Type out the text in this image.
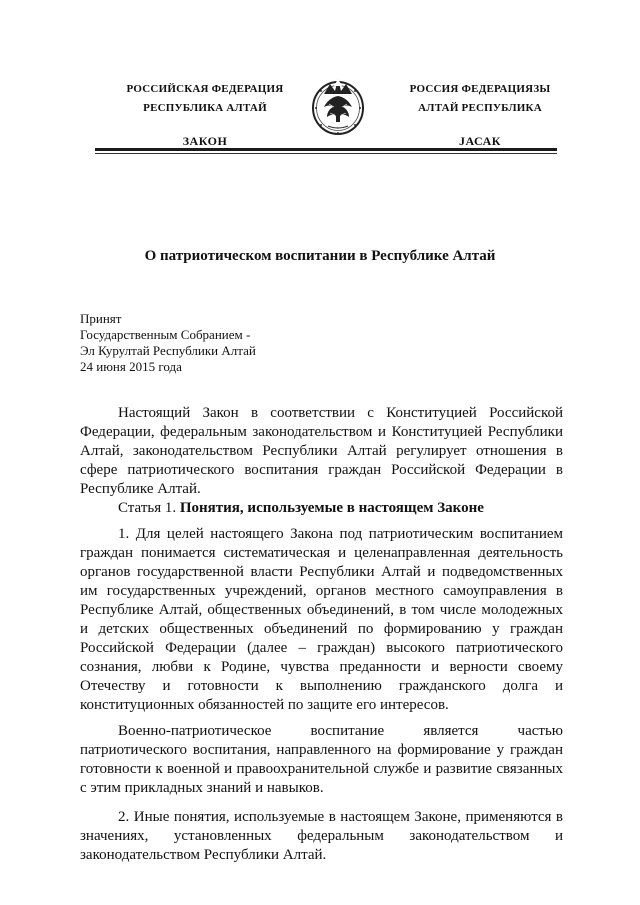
РОССИЙСКАЯ ФЕДЕРАЦИЯ
РЕСПУБЛИКА АЛТАЙ
ЗАКОН
РОССИЯ ФЕДЕРАЦИЯЗЫ
АЛТАЙ РЕСПУБЛИКА
JАСАК
О патриотическом воспитании в Республике Алтай
Принят
Государственным Собранием -
Эл Курултай Республики Алтай
24 июня 2015 года

Настоящий Закон в соответствии с Конституцией Российской Федерации, федеральным законодательством и Конституцией Республики Алтай, законодательством Республики Алтай регулирует отношения в сфере патриотического воспитания граждан Российской Федерации в Республике Алтай.

Статья 1. Понятия, используемые в настоящем Законе

1. Для целей настоящего Закона под патриотическим воспитанием граждан понимается систематическая и целенаправленная деятельность органов государственной власти Республики Алтай и подведомственных им государственных учреждений, органов местного самоуправления в Республике Алтай, общественных объединений, в том числе молодежных и детских общественных объединений по формированию у граждан Российской Федерации (далее – граждан) высокого патриотического сознания, любви к Родине, чувства преданности и верности своему Отечеству и готовности к выполнению гражданского долга и конституционных обязанностей по защите его интересов.

Военно-патриотическое воспитание является частью патриотического воспитания, направленного на формирование у граждан готовности к военной и правоохранительной службе и развитие связанных с этим прикладных знаний и навыков.

2. Иные понятия, используемые в настоящем Законе, применяются в значениях, установленных федеральным законодательством и законодательством Республики Алтай.
